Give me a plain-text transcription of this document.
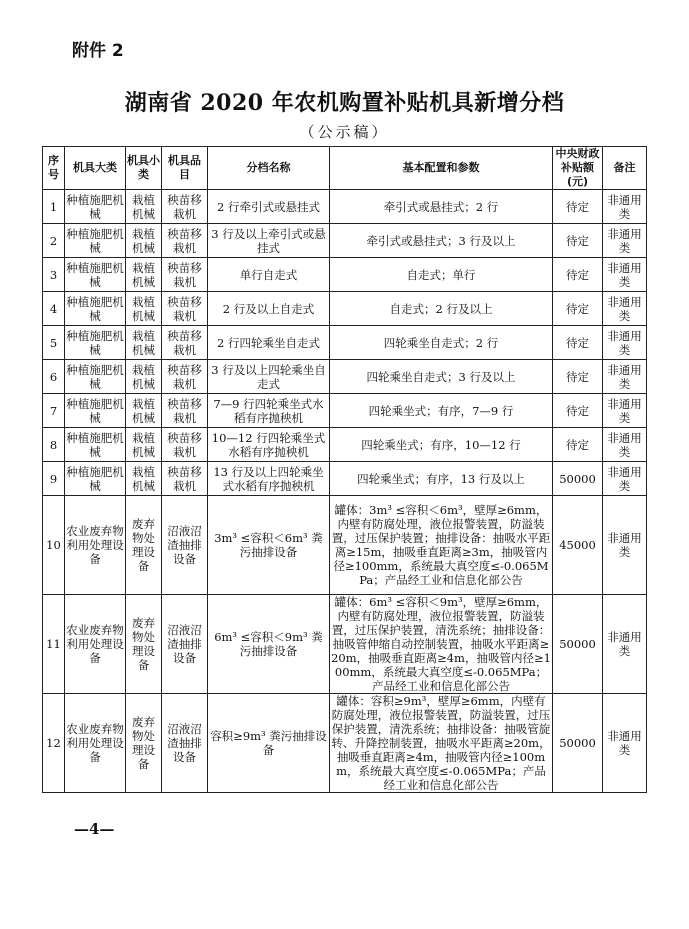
附件 2
湖南省 2020 年农机购置补贴机具新增分档
（公示稿）
序号	机具大类	机具小类	机具品目	分档名称	基本配置和参数	中央财政补贴额(元)	备注
1	种植施肥机械	栽植机械	秧苗移栽机	2 行牵引式或悬挂式	牵引式或悬挂式；2 行	待定	非通用类
2	种植施肥机械	栽植机械	秧苗移栽机	3 行及以上牵引式或悬挂式	牵引式或悬挂式；3 行及以上	待定	非通用类
3	种植施肥机械	栽植机械	秧苗移栽机	单行自走式	自走式；单行	待定	非通用类
4	种植施肥机械	栽植机械	秧苗移栽机	2 行及以上自走式	自走式；2 行及以上	待定	非通用类
5	种植施肥机械	栽植机械	秧苗移栽机	2 行四轮乘坐自走式	四轮乘坐自走式；2 行	待定	非通用类
6	种植施肥机械	栽植机械	秧苗移栽机	3 行及以上四轮乘坐自走式	四轮乘坐自走式；3 行及以上	待定	非通用类
7	种植施肥机械	栽植机械	秧苗移栽机	7—9 行四轮乘坐式水稻有序抛秧机	四轮乘坐式；有序，7—9 行	待定	非通用类
8	种植施肥机械	栽植机械	秧苗移栽机	10—12 行四轮乘坐式水稻有序抛秧机	四轮乘坐式；有序，10—12 行	待定	非通用类
9	种植施肥机械	栽植机械	秧苗移栽机	13 行及以上四轮乘坐式水稻有序抛秧机	四轮乘坐式；有序，13 行及以上	50000	非通用类
10	农业废弃物利用处理设备	废弃物处理设备	沼液沼渣抽排设备	3m³ ≤容积＜6m³ 粪污抽排设备	罐体：3m³ ≤容积＜6m³，壁厚≥6mm，内壁有防腐处理，液位报警装置，防溢装置，过压保护装置；抽排设备：抽吸水平距离≥15m，抽吸垂直距离≥3m，抽吸管内径≥100mm，系统最大真空度≤-0.065MPa；产品经工业和信息化部公告	45000	非通用类
11	农业废弃物利用处理设备	废弃物处理设备	沼液沼渣抽排设备	6m³ ≤容积＜9m³ 粪污抽排设备	罐体：6m³ ≤容积＜9m³，壁厚≥6mm，内壁有防腐处理，液位报警装置，防溢装置，过压保护装置，清洗系统；抽排设备：抽吸管伸缩自动控制装置，抽吸水平距离≥20m，抽吸垂直距离≥4m，抽吸管内径≥100mm，系统最大真空度≤-0.065MPa；产品经工业和信息化部公告	50000	非通用类
12	农业废弃物利用处理设备	废弃物处理设备	沼液沼渣抽排设备	容积≥9m³ 粪污抽排设备	罐体：容积≥9m³，壁厚≥6mm，内壁有防腐处理，液位报警装置，防溢装置，过压保护装置，清洗系统；抽排设备：抽吸管旋转、升降控制装置，抽吸水平距离≥20m，抽吸垂直距离≥4m，抽吸管内径≥100mm，系统最大真空度≤-0.065MPa；产品经工业和信息化部公告	50000	非通用类
—4—
